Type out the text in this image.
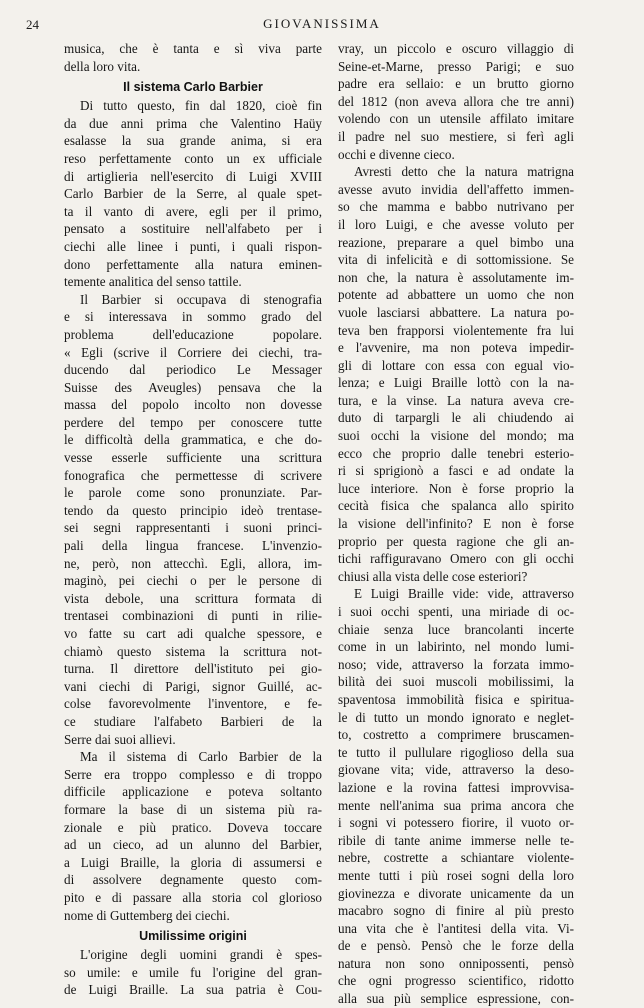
24	GIOVANISSIMA
musica, che è tanta e sì viva parte
della loro vita.
Il sistema Carlo Barbier
Di tutto questo, fin dal 1820, cioè fin
da due anni prima che Valentino Haüy
esalasse la sua grande anima, si era
reso perfettamente conto un ex ufficiale
di artiglieria nell'esercito di Luigi XVIII
Carlo Barbier de la Serre, al quale spet-
ta il vanto di avere, egli per il primo,
pensato a sostituire nell'alfabeto per i
ciechi alle linee i punti, i quali rispon-
dono perfettamente alla natura eminen-
temente analitica del senso tattile.
Il Barbier si occupava di stenografia
e si interessava in sommo grado del
problema dell'educazione popolare.
« Egli (scrive il Corriere dei ciechi, tra-
ducendo dal periodico Le Messager
Suisse des Aveugles) pensava che la
massa del popolo incolto non dovesse
perdere del tempo per conoscere tutte
le difficoltà della grammatica, e che do-
vesse esserle sufficiente una scrittura
fonografica che permettesse di scrivere
le parole come sono pronunziate. Par-
tendo da questo principio ideò trentase-
sei segni rappresentanti i suoni princi-
pali della lingua francese. L'invenzio-
ne, però, non attecchì. Egli, allora, im-
maginò, pei ciechi o per le persone di
vista debole, una scrittura formata di
trentasei combinazioni di punti in rilie-
vo fatte su cart adi qualche spessore, e
chiamò questo sistema la scrittura not-
turna. Il direttore dell'istituto pei gio-
vani ciechi di Parigi, signor Guillé, ac-
colse favorevolmente l'inventore, e fe-
ce studiare l'alfabeto Barbieri de la
Serre dai suoi allievi.
Ma il sistema di Carlo Barbier de la
Serre era troppo complesso e di troppo
difficile applicazione e poteva soltanto
formare la base di un sistema più ra-
zionale e più pratico. Doveva toccare
ad un cieco, ad un alunno del Barbier,
a Luigi Braille, la gloria di assumersi e
di assolvere degnamente questo com-
pito e di passare alla storia col glorioso
nome di Guttemberg dei ciechi.
Umilissime origini
L'origine degli uomini grandi è spes-
so umile: e umile fu l'origine del gran-
de Luigi Braille. La sua patria è Cou-
vray, un piccolo e oscuro villaggio di
Seine-et-Marne, presso Parigi; e suo
padre era sellaio: e un brutto giorno
del 1812 (non aveva allora che tre anni)
volendo con un utensile affilato imitare
il padre nel suo mestiere, si ferì agli
occhi e divenne cieco.
Avresti detto che la natura matrigna
avesse avuto invidia dell'affetto immen-
so che mamma e babbo nutrivano per
il loro Luigi, e che avesse voluto per
reazione, preparare a quel bimbo una
vita di infelicità e di sottomissione. Se
non che, la natura è assolutamente im-
potente ad abbattere un uomo che non
vuole lasciarsi abbattere. La natura po-
teva ben frapporsi violentemente fra lui
e l'avvenire, ma non poteva impedir-
gli di lottare con essa con egual vio-
lenza; e Luigi Braille lottò con la na-
tura, e la vinse. La natura aveva cre-
duto di tarpargli le ali chiudendo ai
suoi occhi la visione del mondo; ma
ecco che proprio dalle tenebri esterio-
ri si sprigionò a fasci e ad ondate la
luce interiore. Non è forse proprio la
cecità fisica che spalanca allo spirito
la visione dell'infinito? E non è forse
proprio per questa ragione che gli an-
tichi raffiguravano Omero con gli occhi
chiusi alla vista delle cose esteriori?
E Luigi Braille vide: vide, attraverso
i suoi occhi spenti, una miriade di oc-
chiaie senza luce brancolanti incerte
come in un labirinto, nel mondo lumi-
noso; vide, attraverso la forzata immo-
bilità dei suoi muscoli mobilissimi, la
spaventosa immobilità fisica e spiritua-
le di tutto un mondo ignorato e neglet-
to, costretto a comprimere bruscamen-
te tutto il pullulare rigoglioso della sua
giovane vita; vide, attraverso la deso-
lazione e la rovina fattesi improvvisa-
mente nell'anima sua prima ancora che
i sogni vi potessero fiorire, il vuoto or-
ribile di tante anime immerse nelle te-
nebre, costrette a schiantare violente-
mente tutti i più rosei sogni della loro
giovinezza e divorate unicamente da un
macabro sogno di finire al più presto
una vita che è l'antitesi della vita. Vi-
de e pensò. Pensò che le forze della
natura non sono onnipossenti, pensò
che ogni progresso scientifico, ridotto
alla sua più semplice espressione, con-
